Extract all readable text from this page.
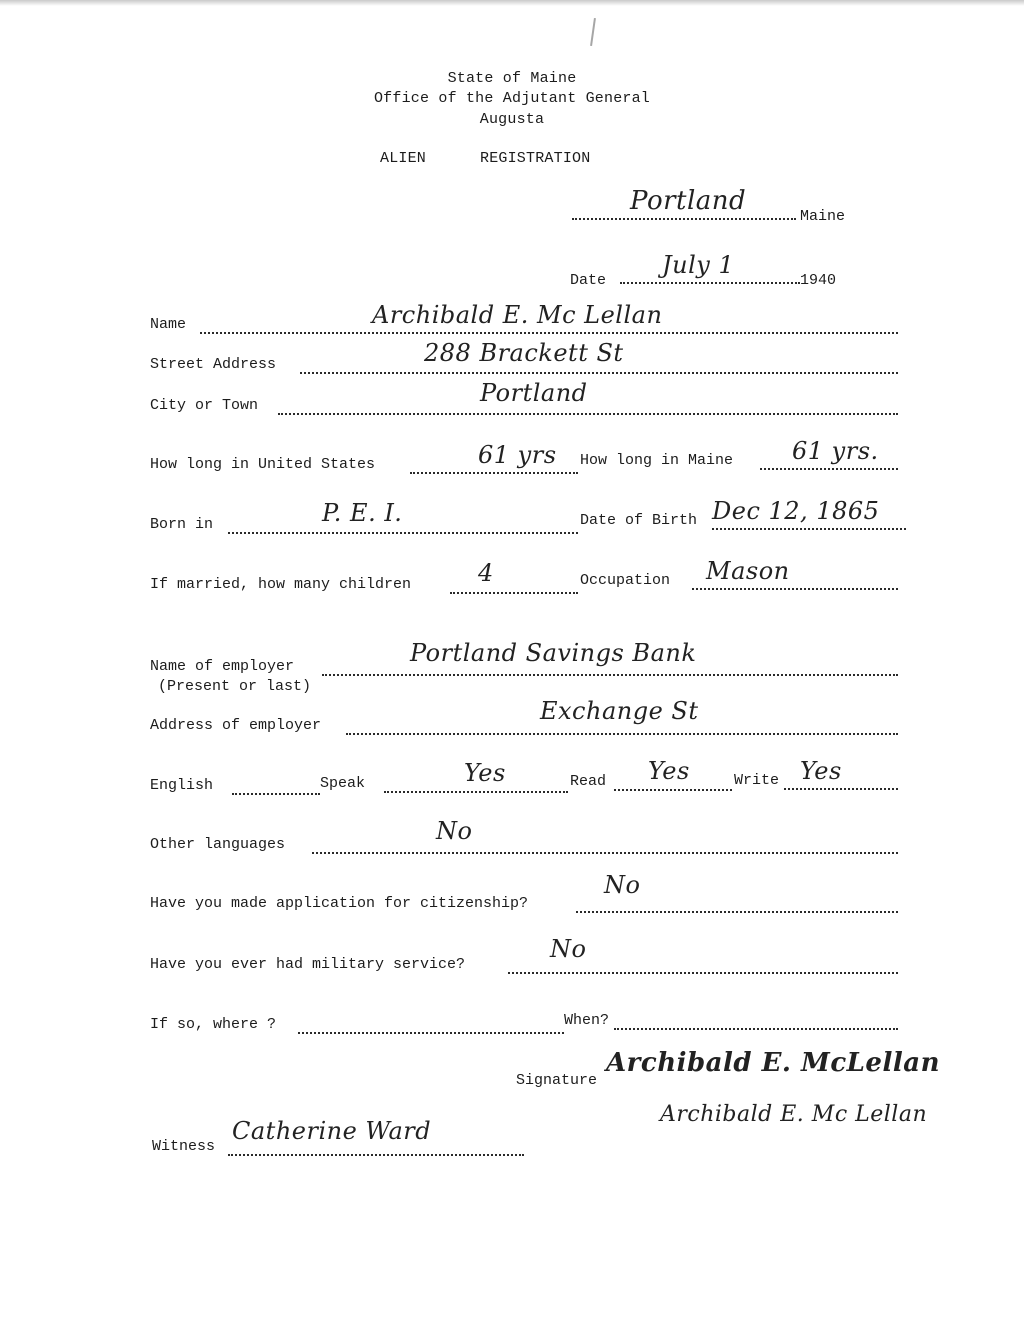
State of Maine
Office of the Adjutant General
Augusta
ALIEN	REGISTRATION
Portland
Maine
Date
July 1
1940
Name	Archibald E. Mc Lellan
Street Address	288 Brackett St
City or Town	Portland
How long in United States	61 yrs How long in Maine 61 yrs.
Born in	P. E. I.	Date of Birth Dec 12, 1865
If married, how many children	4	Occupation Mason
Name of employer
(Present or last)
Portland Savings Bank
Address of employer
Exchange St
English	Speak	Yes	Read Yes	Write Yes
Other languages	No
Have you made application for citizenship?
No
Have you ever had military service?
No
If so, where ?	When?
Signature
Archibald E. McLellan
Archibald E. Mc Lellan
Witness
Catherine Ward
